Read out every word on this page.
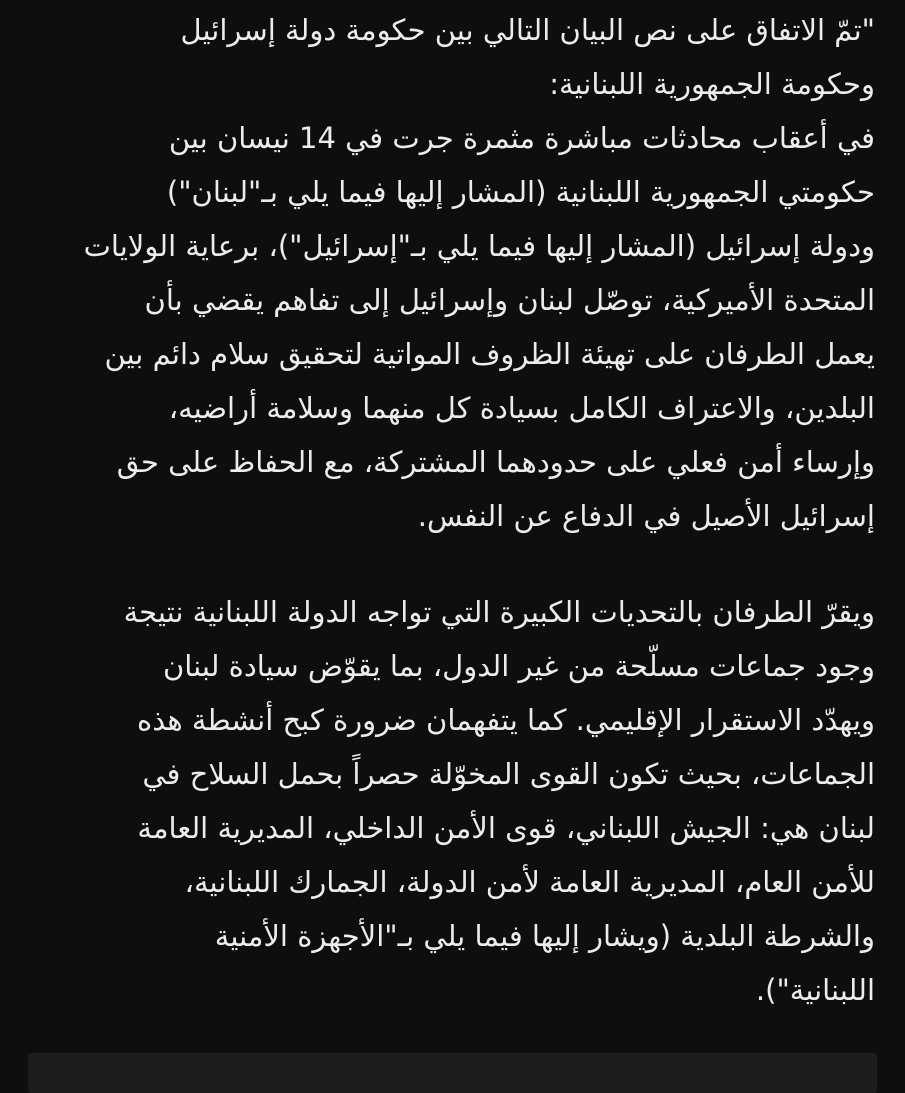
"تمّ الاتفاق على نص البيان التالي بين حكومة دولة إسرائيل
وحكومة الجمهورية اللبنانية:
في أعقاب محادثات مباشرة مثمرة جرت في 14 نيسان بين
حكومتي الجمهورية اللبنانية (المشار إليها فيما يلي بـ"لبنان")
ودولة إسرائيل (المشار إليها فيما يلي بـ"إسرائيل")، برعاية الولايات
المتحدة الأميركية، توصّل لبنان وإسرائيل إلى تفاهم يقضي بأن
يعمل الطرفان على تهيئة الظروف المواتية لتحقيق سلام دائم بين
البلدين، والاعتراف الكامل بسيادة كل منهما وسلامة أراضيه،
وإرساء أمن فعلي على حدودهما المشتركة، مع الحفاظ على حق
إسرائيل الأصيل في الدفاع عن النفس.
ويقرّ الطرفان بالتحديات الكبيرة التي تواجه الدولة اللبنانية نتيجة
وجود جماعات مسلّحة من غير الدول، بما يقوّض سيادة لبنان
ويهدّد الاستقرار الإقليمي. كما يتفهمان ضرورة كبح أنشطة هذه
الجماعات، بحيث تكون القوى المخوّلة حصراً بحمل السلاح في
لبنان هي: الجيش اللبناني، قوى الأمن الداخلي، المديرية العامة
للأمن العام، المديرية العامة لأمن الدولة، الجمارك اللبنانية،
والشرطة البلدية (ويشار إليها فيما يلي بـ"الأجهزة الأمنية
اللبنانية").
